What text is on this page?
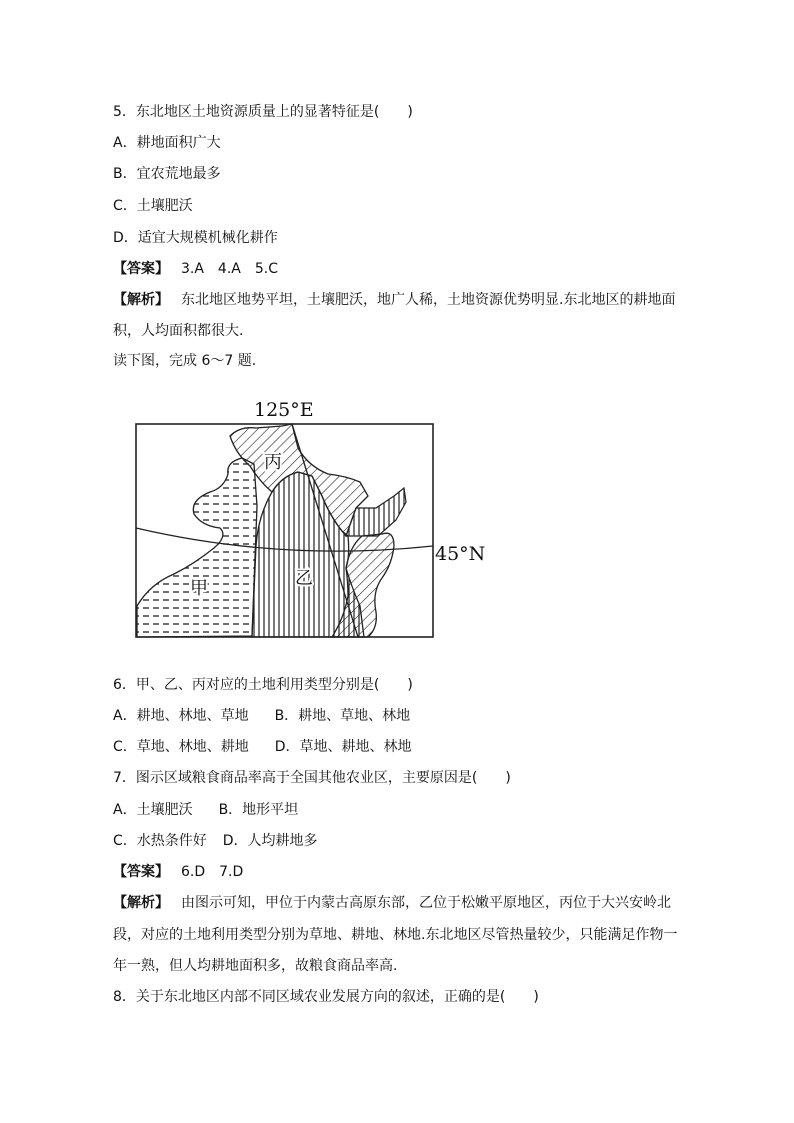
5．东北地区土地资源质量上的显著特征是(　　)
A．耕地面积广大
B．宜农荒地最多
C．土壤肥沃
D．适宜大规模机械化耕作
【答案】 3.A　4.A　5.C
【解析】 东北地区地势平坦，土壤肥沃，地广人稀，土地资源优势明显.东北地区的耕地面
积，人均面积都很大.
读下图，完成 6～7 题.
125°E
45°N
丙
乙
甲
6．甲、乙、丙对应的土地利用类型分别是(　　)
A．耕地、林地、草地 B．耕地、草地、林地
C．草地、林地、耕地 D．草地、耕地、林地
7．图示区域粮食商品率高于全国其他农业区，主要原因是(　　)
A．土壤肥沃 B．地形平坦
C．水热条件好 D．人均耕地多
【答案】 6.D　7.D
【解析】 由图示可知，甲位于内蒙古高原东部，乙位于松嫩平原地区，丙位于大兴安岭北
段，对应的土地利用类型分别为草地、耕地、林地.东北地区尽管热量较少，只能满足作物一
年一熟，但人均耕地面积多，故粮食商品率高.
8．关于东北地区内部不同区域农业发展方向的叙述，正确的是(　　)
